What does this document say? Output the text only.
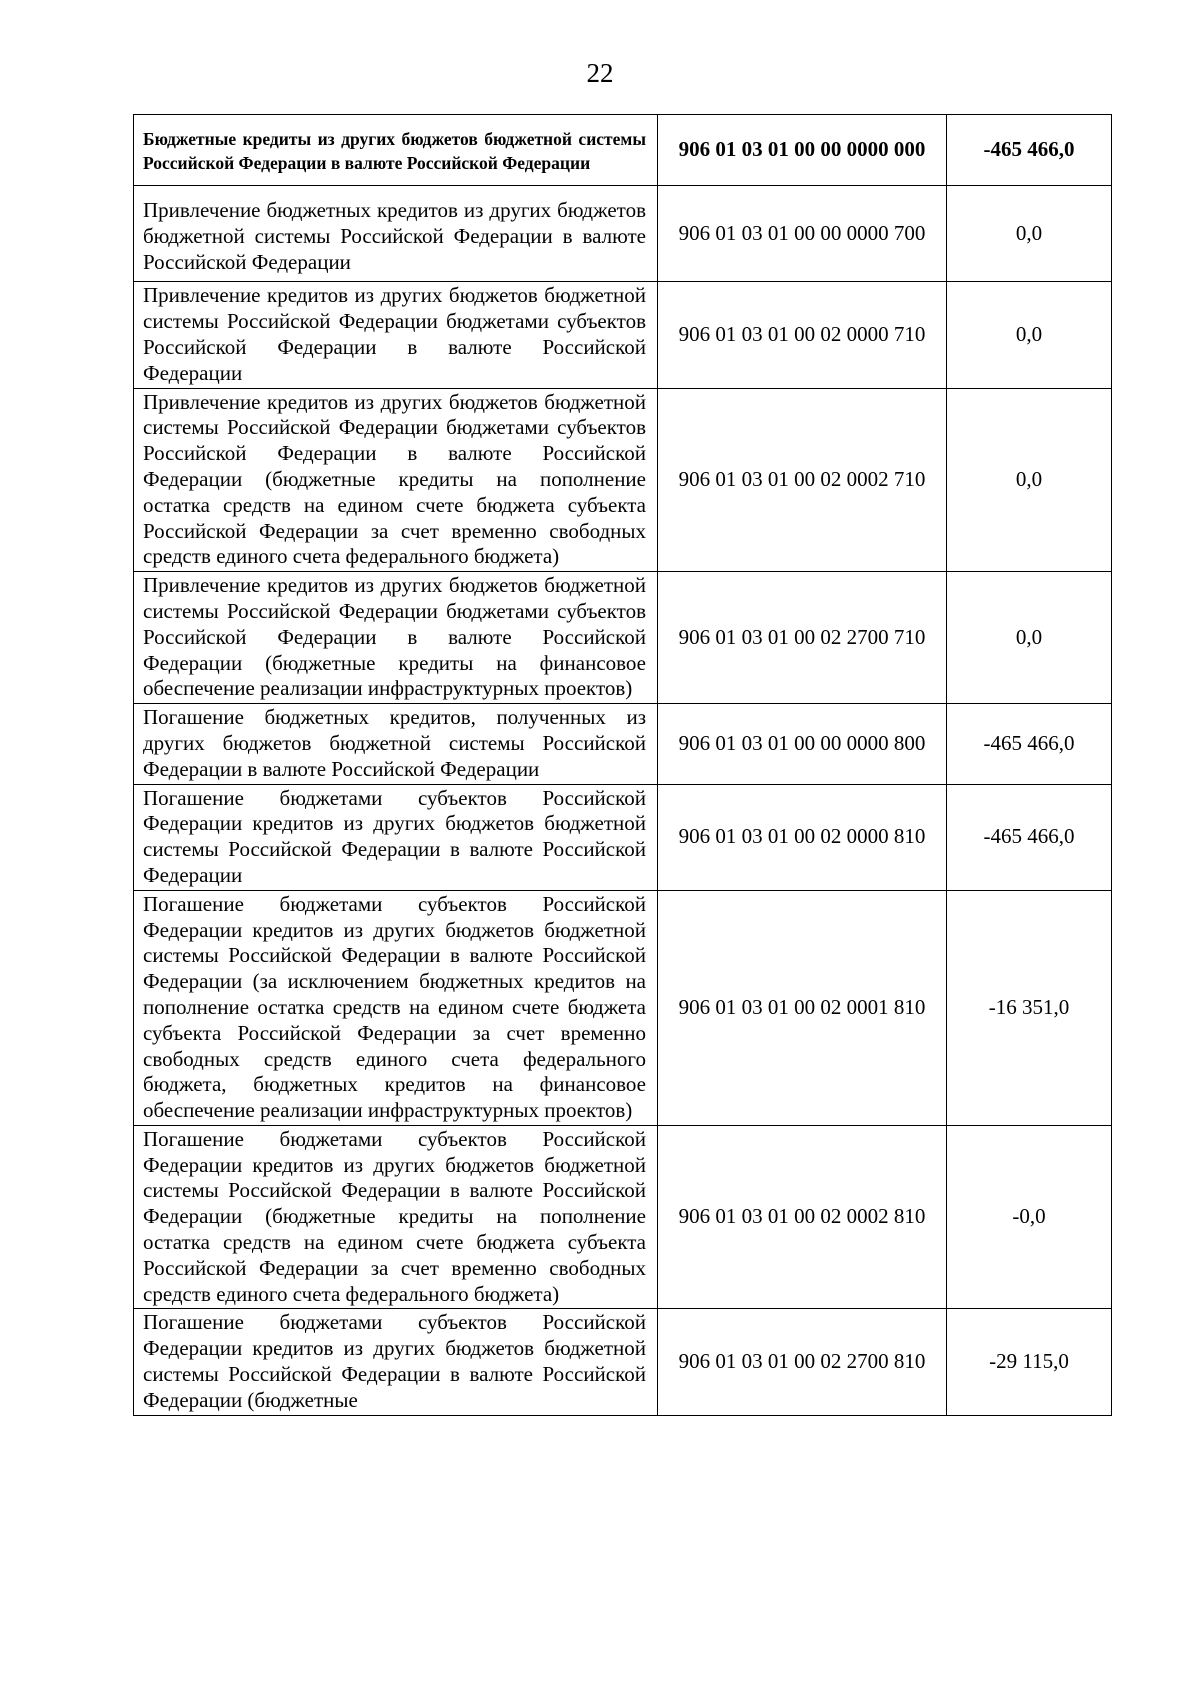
22
Бюджетные кредиты из других бюджетов бюджетной системы Российской Федерации в валюте Российской Федерации	906 01 03 01 00 00 0000 000	-465 466,0
Привлечение бюджетных кредитов из других бюджетов бюджетной системы Российской Федерации в валюте Российской Федерации	906 01 03 01 00 00 0000 700	0,0
Привлечение кредитов из других бюджетов бюджетной системы Российской Федерации бюджетами субъектов Российской Федерации в валюте Российской Федерации	906 01 03 01 00 02 0000 710	0,0
Привлечение кредитов из других бюджетов бюджетной системы Российской Федерации бюджетами субъектов Российской Федерации в валюте Российской Федерации (бюджетные кредиты на пополнение остатка средств на едином счете бюджета субъекта Российской Федерации за счет временно свободных средств единого счета федерального бюджета)	906 01 03 01 00 02 0002 710	0,0
Привлечение кредитов из других бюджетов бюджетной системы Российской Федерации бюджетами субъектов Российской Федерации в валюте Российской Федерации (бюджетные кредиты на финансовое обеспечение реализации инфраструктурных проектов)	906 01 03 01 00 02 2700 710	0,0
Погашение бюджетных кредитов, полученных из других бюджетов бюджетной системы Российской Федерации в валюте Российской Федерации	906 01 03 01 00 00 0000 800	-465 466,0
Погашение бюджетами субъектов Российской Федерации кредитов из других бюджетов бюджетной системы Российской Федерации в валюте Российской Федерации	906 01 03 01 00 02 0000 810	-465 466,0
Погашение бюджетами субъектов Российской Федерации кредитов из других бюджетов бюджетной системы Российской Федерации в валюте Российской Федерации (за исключением бюджетных кредитов на пополнение остатка средств на едином счете бюджета субъекта Российской Федерации за счет временно свободных средств единого счета федерального бюджета, бюджетных кредитов на финансовое обеспечение реализации инфраструктурных проектов)	906 01 03 01 00 02 0001 810	-16 351,0
Погашение бюджетами субъектов Российской Федерации кредитов из других бюджетов бюджетной системы Российской Федерации в валюте Российской Федерации (бюджетные кредиты на пополнение остатка средств на едином счете бюджета субъекта Российской Федерации за счет временно свободных средств единого счета федерального бюджета)	906 01 03 01 00 02 0002 810	-0,0
Погашение бюджетами субъектов Российской Федерации кредитов из других бюджетов бюджетной системы Российской Федерации в валюте Российской Федерации (бюджетные	906 01 03 01 00 02 2700 810	-29 115,0
